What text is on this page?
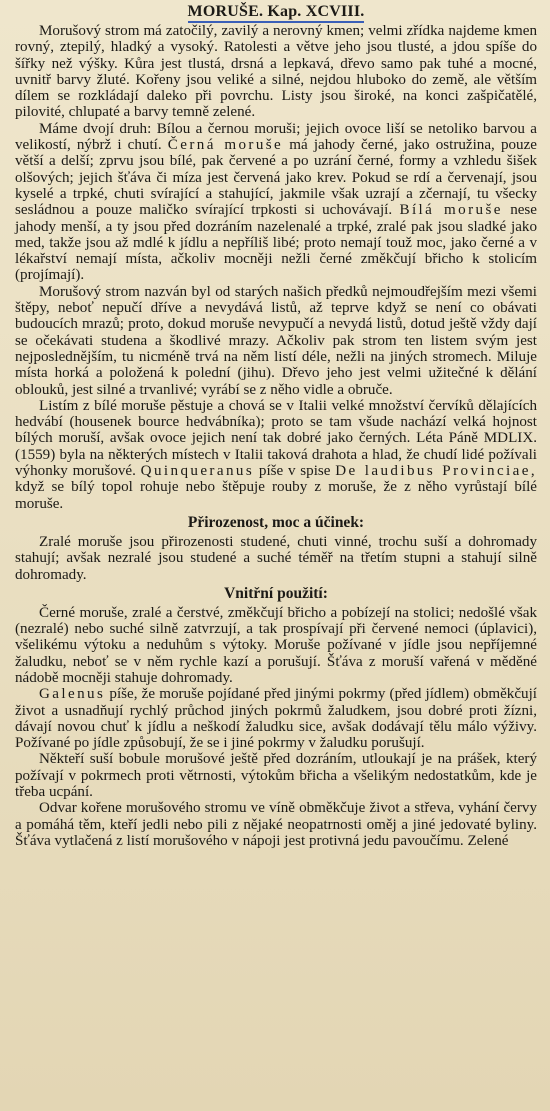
MORUŠE. Kap. XCVIII.

Morušový strom má zatočilý, zavilý a nerovný kmen; velmi zřídka najdeme kmen rovný, ztepilý, hladký a vysoký. Ratolesti a větve jeho jsou tlusté, a jdou spíše do šířky než výšky. Kůra jest tlustá, drsná a lepkavá, dřevo samo pak tuhé a mocné, uvnitř barvy žluté. Kořeny jsou veliké a silné, nejdou hluboko do země, ale větším dílem se rozkládají daleko při povrchu. Listy jsou široké, na konci zašpičatělé, pilovité, chlupaté a barvy temně zelené.

Máme dvojí druh: Bílou a černou moruši; jejich ovoce liší se netoliko barvou a velikostí, nýbrž i chutí. Černá moruše má jahody černé, jako ostružina, pouze větší a delší; zprvu jsou bílé, pak červené a po uzrání černé, formy a vzhledu šišek olšových; jejich šťáva či míza jest červená jako krev. Pokud se rdí a červenají, jsou kyselé a trpké, chuti svírající a stahující, jakmile však uzrají a zčernají, tu všecky sesládnou a pouze maličko svírající trpkosti si uchovávají. Bílá moruše nese jahody menší, a ty jsou před dozráním nazelenalé a trpké, zralé pak jsou sladké jako med, takže jsou až mdlé k jídlu a nepříliš libé; proto nemají touž moc, jako černé a v lékařství nemají místa, ačkoliv mocněji nežli černé změkčují břicho k stolicím (projímají).

Morušový strom nazván byl od starých našich předků nejmoudřejším mezi všemi štěpy, neboť nepučí dříve a nevydává listů, až teprve když se není co obávati budoucích mrazů; proto, dokud moruše nevypučí a nevydá listů, dotud ještě vždy dají se očekávati studena a škodlivé mrazy. Ačkoliv pak strom ten listem svým jest nejposlednějším, tu nicméně trvá na něm listí déle, nežli na jiných stromech. Miluje místa horká a položená k polední (jihu). Dřevo jeho jest velmi užitečné k dělání oblouků, jest silné a trvanlivé; vyrábí se z něho vidle a obruče.

Listím z bílé moruše pěstuje a chová se v Italii velké množství červíků dělajících hedvábí (housenek bource hedvábníka); proto se tam všude nachází velká hojnost bílých moruší, avšak ovoce jejich není tak dobré jako černých. Léta Páně MDLIX. (1559) byla na některých místech v Italii taková drahota a hlad, že chudí lidé požívali výhonky morušové. Quinqueranus píše v spise De laudibus Provinciae, když se bílý topol rohuje nebo štěpuje rouby z moruše, že z něho vyrůstají bílé moruše.

Přirozenost, moc a účinek:

Zralé moruše jsou přirozenosti studené, chuti vinné, trochu suší a dohromady stahují; avšak nezralé jsou studené a suché téměř na třetím stupni a stahují silně dohromady.

Vnitřní použití:

Černé moruše, zralé a čerstvé, změkčují břicho a pobízejí na stolici; nedošlé však (nezralé) nebo suché silně zatvrzují, a tak prospívají při červené nemoci (úplavici), všelikému výtoku a neduhům s výtoky. Moruše požívané v jídle jsou nepříjemné žaludku, neboť se v něm rychle kazí a porušují. Šťáva z moruší vařená v měděné nádobě mocněji stahuje dohromady.

Galenus píše, že moruše pojídané před jinými pokrmy (před jídlem) obměkčují život a usnadňují rychlý průchod jiných pokrmů žaludkem, jsou dobré proti žízni, dávají novou chuť k jídlu a neškodí žaludku sice, avšak dodávají tělu málo výživy. Požívané po jídle způsobují, že se i jiné pokrmy v žaludku porušují.

Někteří suší bobule morušové ještě před dozráním, utloukají je na prášek, který požívají v pokrmech proti větrnosti, výtokům břicha a všelikým nedostatkům, kde je třeba ucpání.

Odvar kořene morušového stromu ve víně obměkčuje život a střeva, vyhání červy a pomáhá těm, kteří jedli nebo pili z nějaké neopatrnosti oměj a jiné jedovaté byliny. Šťáva vytlačená z listí morušového v nápoji jest protivná jedu pavoučímu. Zelené
